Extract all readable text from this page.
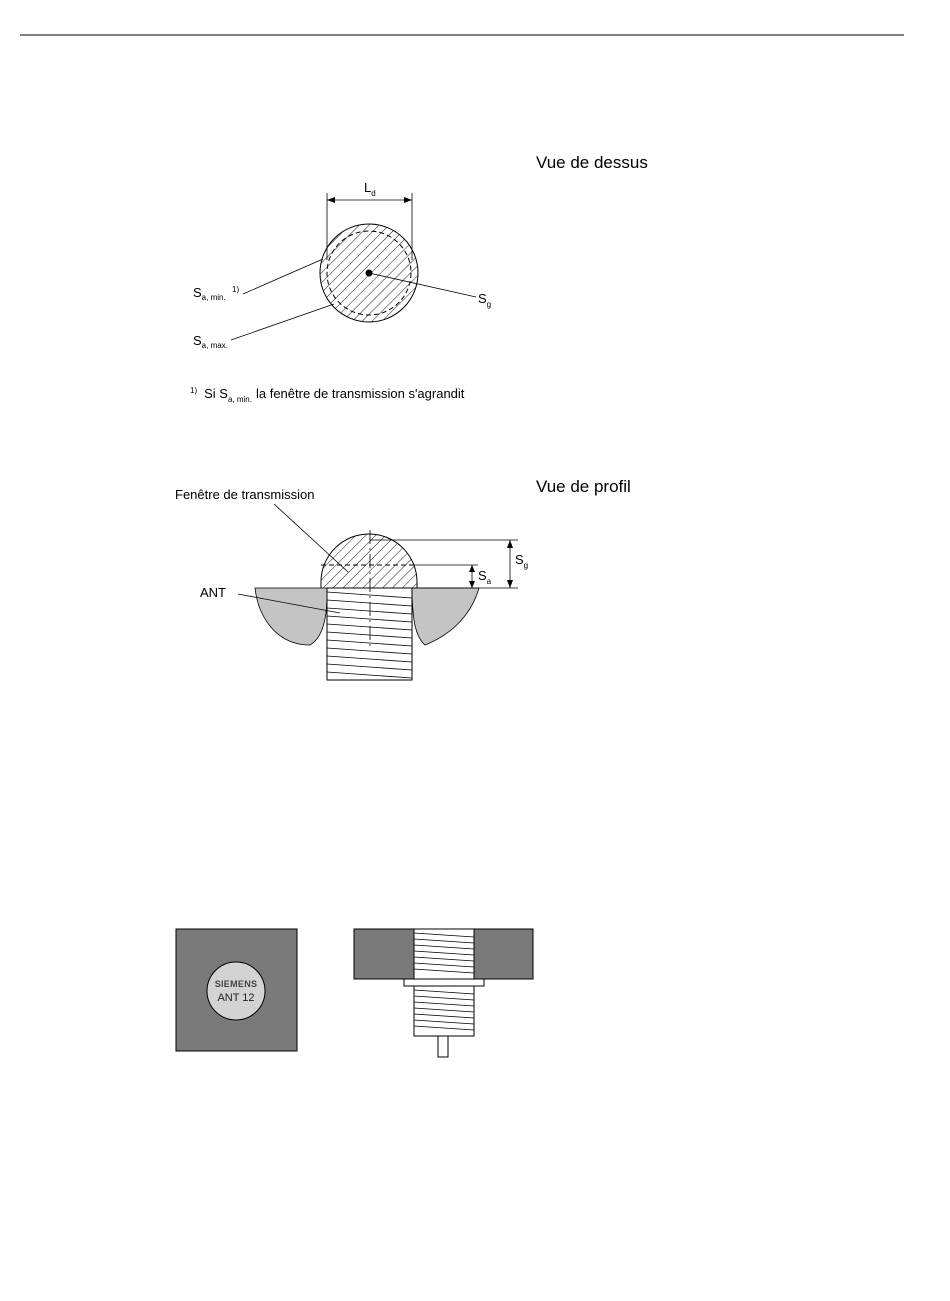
Vue de dessus
$L_d$
$S_g$
$S_{a, min.}$
1)
$S_{a, max.}$
$^{1)}$ Si $S_{a, min.}$ la fenêtre de transmission s'agrandit
Vue de profil
$S_g$
$S_a$
Fenêtre de transmission
ANT
SIEMENS
ANT 12
